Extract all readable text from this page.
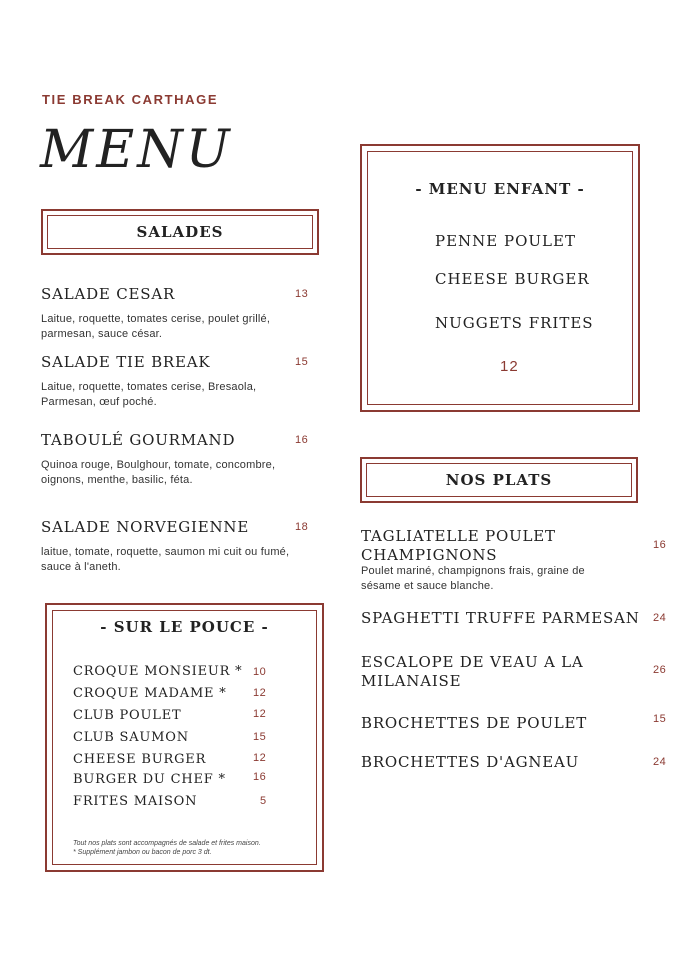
TIE BREAK CARTHAGE
MENU
SALADES
SALADE CESAR	13
Laitue, roquette, tomates cerise, poulet grillé, parmesan, sauce césar.
SALADE TIE BREAK	15
Laitue, roquette, tomates cerise, Bresaola, Parmesan, œuf poché.
TABOULÉ GOURMAND	16
Quinoa rouge, Boulghour, tomate, concombre, oignons, menthe, basilic, féta.
SALADE NORVEGIENNE	18
laitue, tomate, roquette, saumon mi cuit ou fumé, sauce à l'aneth.
- SUR LE POUCE -
CROQUE MONSIEUR * 10
CROQUE MADAME * 12
CLUB POULET	12
CLUB SAUMON	15
CHEESE BURGER	12
BURGER DU CHEF * 16
FRITES MAISON	5
Tout nos plats sont accompagnés de salade et frites maison.
* Supplément jambon ou bacon de porc 3 dt.
- MENU ENFANT -
PENNE POULET
CHEESE BURGER
NUGGETS FRITES
12
NOS PLATS
TAGLIATELLE POULET
CHAMPIGNONS
16
Poulet mariné, champignons frais, graine de sésame et sauce blanche.
SPAGHETTI TRUFFE PARMESAN 24
ESCALOPE DE VEAU A LA
MILANAISE
26
BROCHETTES DE POULET	15
BROCHETTES D'AGNEAU	24
